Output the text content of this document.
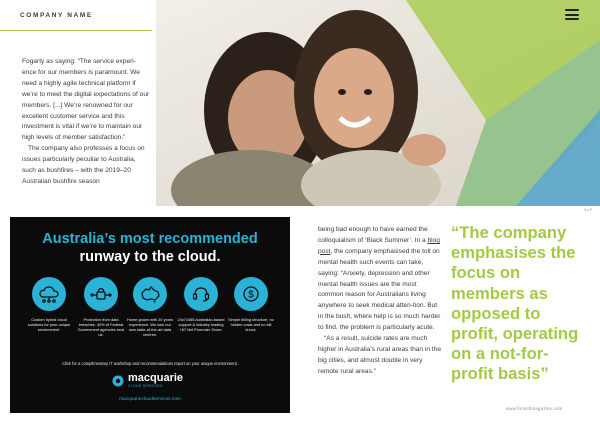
COMPANY NAME

Fogarty as saying: “The service experi-ence for our members is paramount. We need a highly agile technical platform if we’re to meet the digital expectations of our members. [...] We’re renowned for our excellent customer service and this investment is vital if we’re to maintain our high levels of member satisfaction.”

The company also professes a focus on issues particularly peculiar to Australia, such as bushfires – with the 2019–20 Australian bushfire season

SUP
Australia’s most recommended
runway to the cloud.
Custom hybrid cloud solutions for your unique environment.
Protection from data breaches. 42% of Federal Government agencies trust us.
Home grown with 20 years experience. We own our own state-of-the-art data centres.
24x7x365 Australian-based support & industry leading +67 Net Promoter Score.
$
Simple billing structure, no hidden costs and no bill shock.
Click for a complimentary IT workshop and recommendations report on your unique environment.
macquarie
CLOUD SERVICES
macquariecloudservices.com

being bad enough to have earned the colloquialism of ‘Black Summer’. In a blog post, the company emphasised the toll on mental health such events can take, saying: “Anxiety, depression and other mental health issues are the most common reason for Australians living anywhere to seek medical atten-tion. But in the bush, where help is so much harder to find, the problem is particularly acute.

“As a result, suicide rates are much higher in Australia’s rural areas than in the big cities, and almost double in very remote rural areas.”

“The company emphasises the focus on members as opposed to profit, operating on a not-for-profit basis”
www.fintechmagazine.com
